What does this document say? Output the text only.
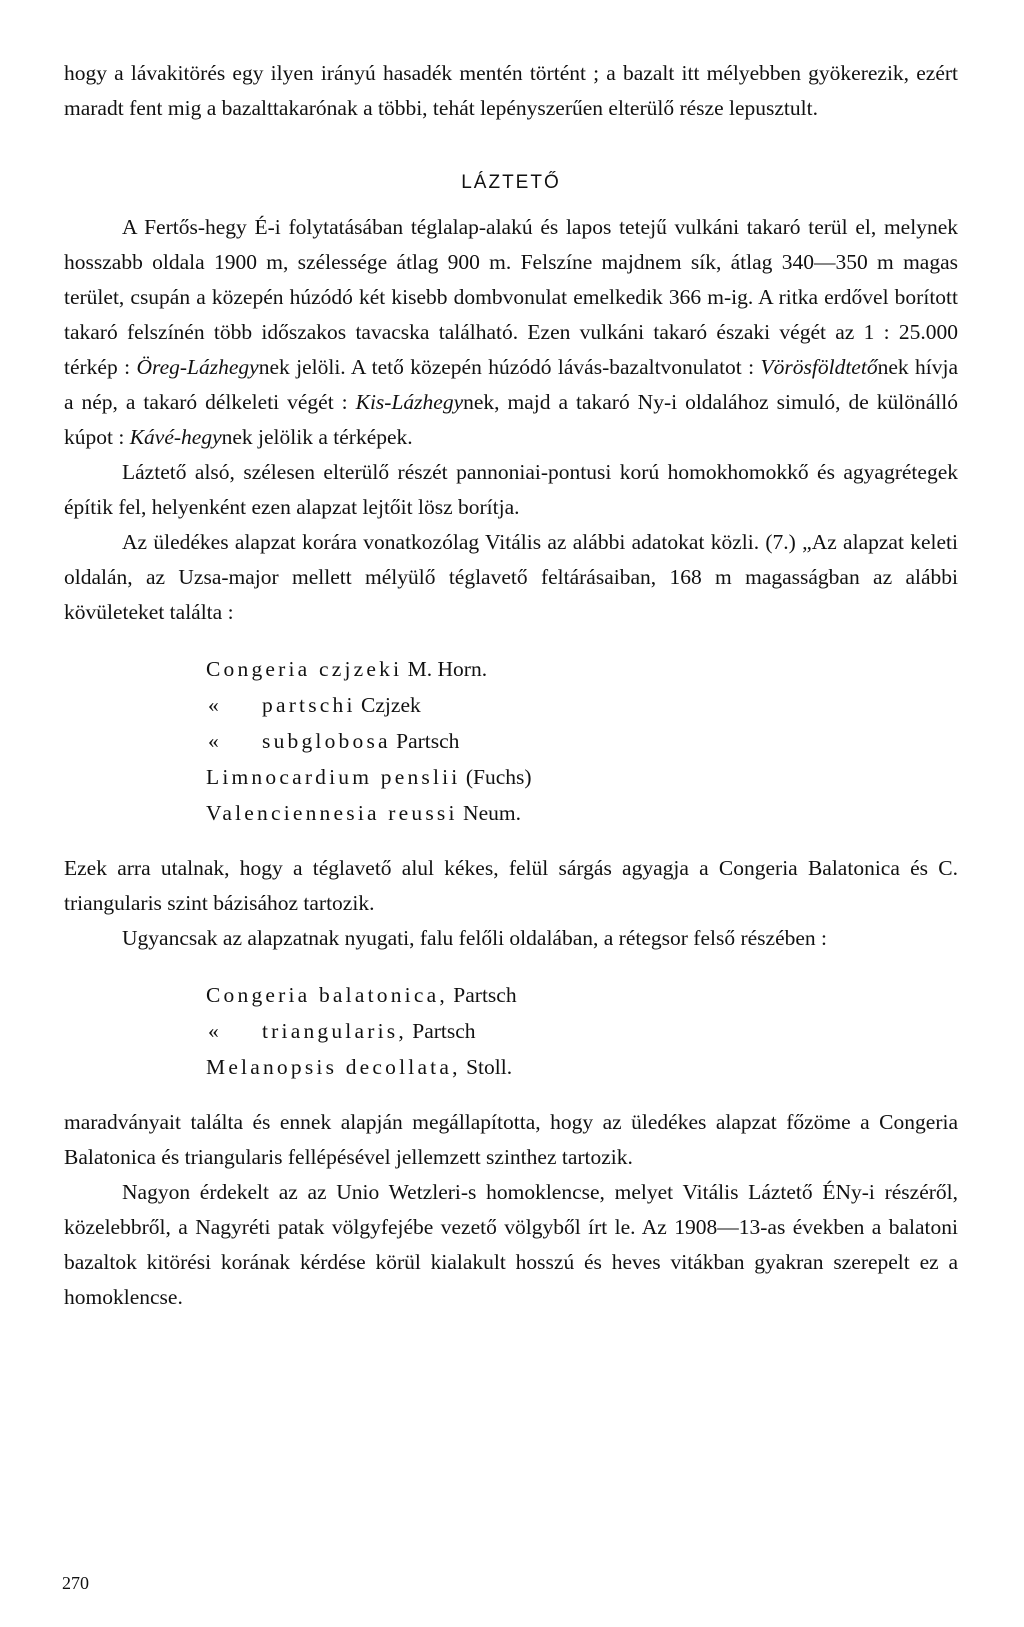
hogy a lávakitörés egy ilyen irányú hasadék mentén történt ; a bazalt itt mélyebben gyökerezik, ezért maradt fent mig a bazalttakarónak a többi, tehát lepényszerűen elterülő része lepusztult.

LÁZTETŐ

A Fertős-hegy É-i folytatásában téglalap-alakú és lapos tetejű vulkáni takaró terül el, melynek hosszabb oldala 1900 m, szélessége átlag 900 m. Felszíne majdnem sík, átlag 340—350 m magas terület, csupán a közepén húzódó két kisebb dombvonulat emelkedik 366 m-ig. A ritka erdővel borított takaró felszínén több időszakos tavacska található. Ezen vulkáni takaró északi végét az 1 : 25.000 térkép : Öreg-Lázhegynek jelöli. A tető közepén húzódó lávás-bazaltvonulatot : Vörösföldtetőnek hívja a nép, a takaró délkeleti végét : Kis-Lázhegynek, majd a takaró Ny-i oldalához simuló, de különálló kúpot : Kávé-hegynek jelölik a térképek.

Láztető alsó, szélesen elterülő részét pannoniai-pontusi korú homokhomokkő és agyagrétegek építik fel, helyenként ezen alapzat lejtőit lösz borítja.

Az üledékes alapzat korára vonatkozólag Vitális az alábbi adatokat közli. (7.) „Az alapzat keleti oldalán, az Uzsa-major mellett mélyülő téglavető feltárásaiban, 168 m magasságban az alábbi kövületeket találta :

Congeria czjzeki M. Horn.
« partschi Czjzek
« subglobosa Partsch
Limnocardium penslii (Fuchs)
Valenciennesia reussi Neum.

Ezek arra utalnak, hogy a téglavető alul kékes, felül sárgás agyagja a Congeria Balatonica és C. triangularis szint bázisához tartozik.

Ugyancsak az alapzatnak nyugati, falu felőli oldalában, a rétegsor felső részében :

Congeria balatonica, Partsch
« triangularis, Partsch
Melanopsis decollata, Stoll.

maradványait találta és ennek alapján megállapította, hogy az üledékes alapzat főzöme a Congeria Balatonica és triangularis fellépésével jellemzett szinthez tartozik.

Nagyon érdekelt az az Unio Wetzleri-s homoklencse, melyet Vitális Láztető ÉNy-i részéről, közelebbről, a Nagyréti patak völgyfejébe vezető völgyből írt le. Az 1908—13-as években a balatoni bazaltok kitörési korának kérdése körül kialakult hosszú és heves vitákban gyakran szerepelt ez a homoklencse.

270
